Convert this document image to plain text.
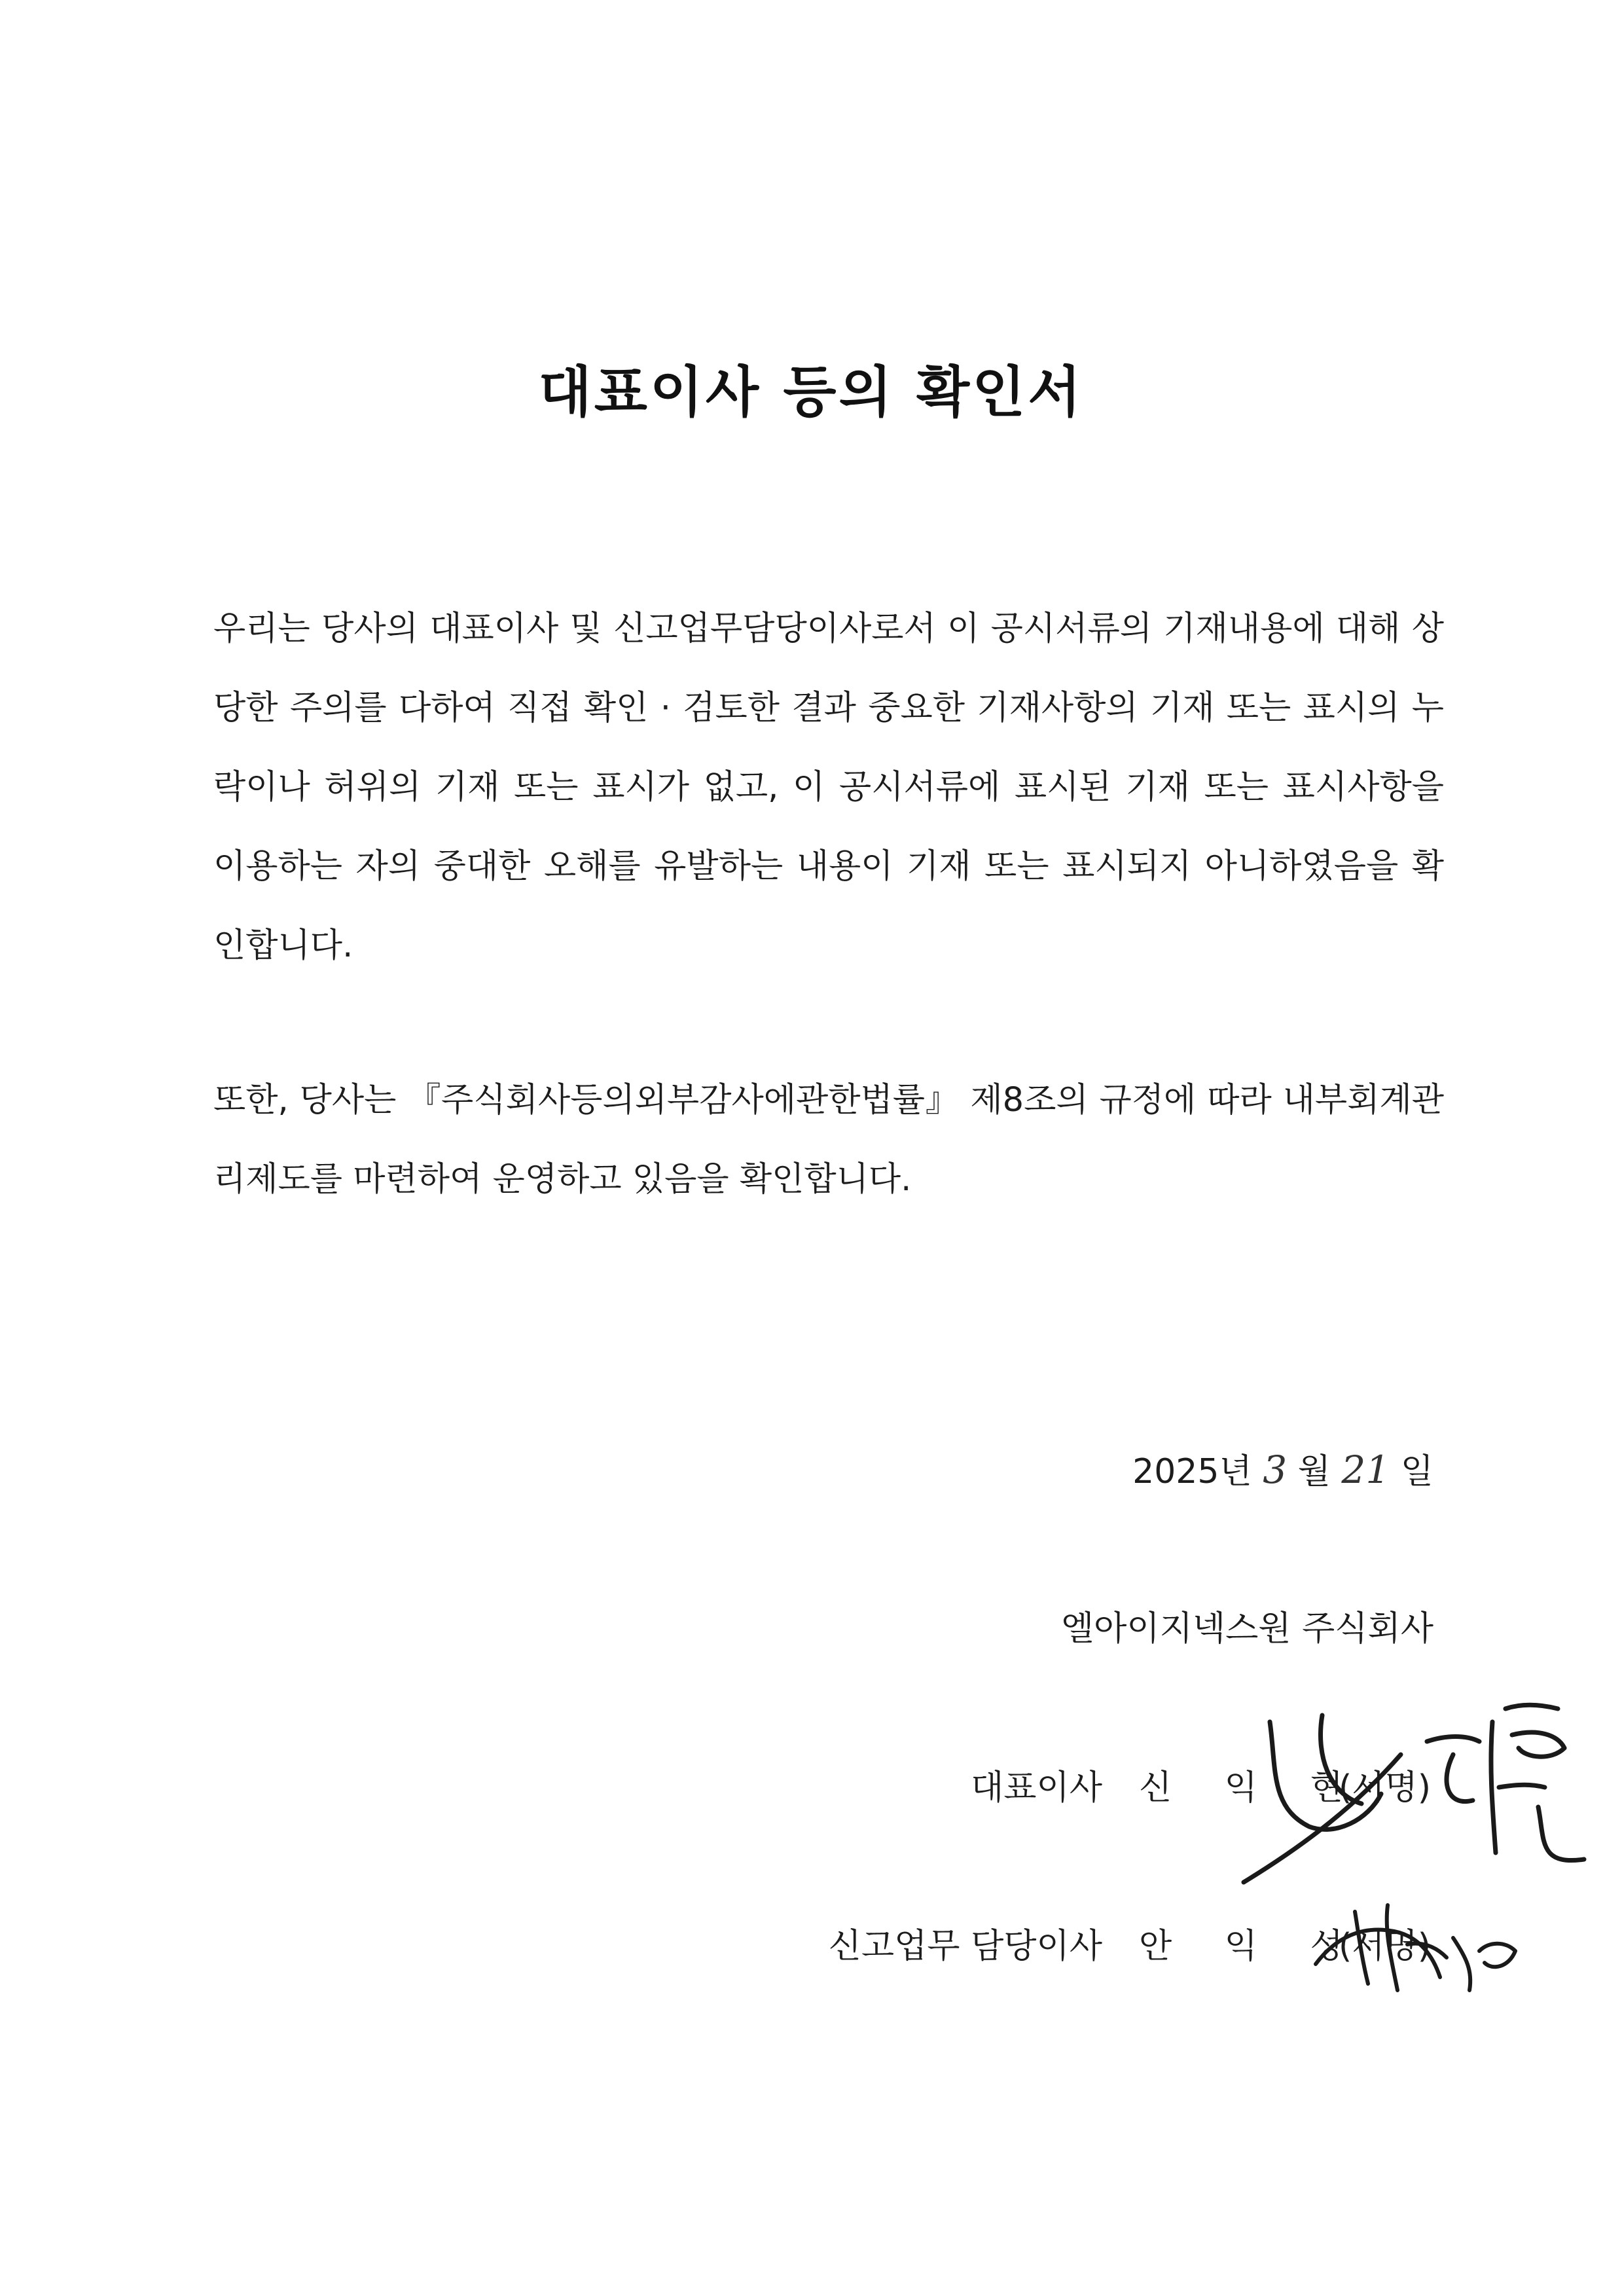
대표이사 등의 확인서
우리는 당사의 대표이사 및 신고업무담당이사로서 이 공시서류의 기재내용에 대해 상당한 주의를 다하여 직접 확인 · 검토한 결과 중요한 기재사항의 기재 또는 표시의 누락이나 허위의 기재 또는 표시가 없고, 이 공시서류에 표시된 기재 또는 표시사항을 이용하는 자의 중대한 오해를 유발하는 내용이 기재 또는 표시되지 아니하였음을 확인합니다.
또한, 당사는 『주식회사등의외부감사에관한법률』 제8조의 규정에 따라 내부회계관리제도를 마련하여 운영하고 있음을 확인합니다.
2025년 3 월 21 일
엘아이지넥스원 주식회사
대표이사 신 익 현
(서명)
신고업무 담당이사 안 익 성
(서명)
